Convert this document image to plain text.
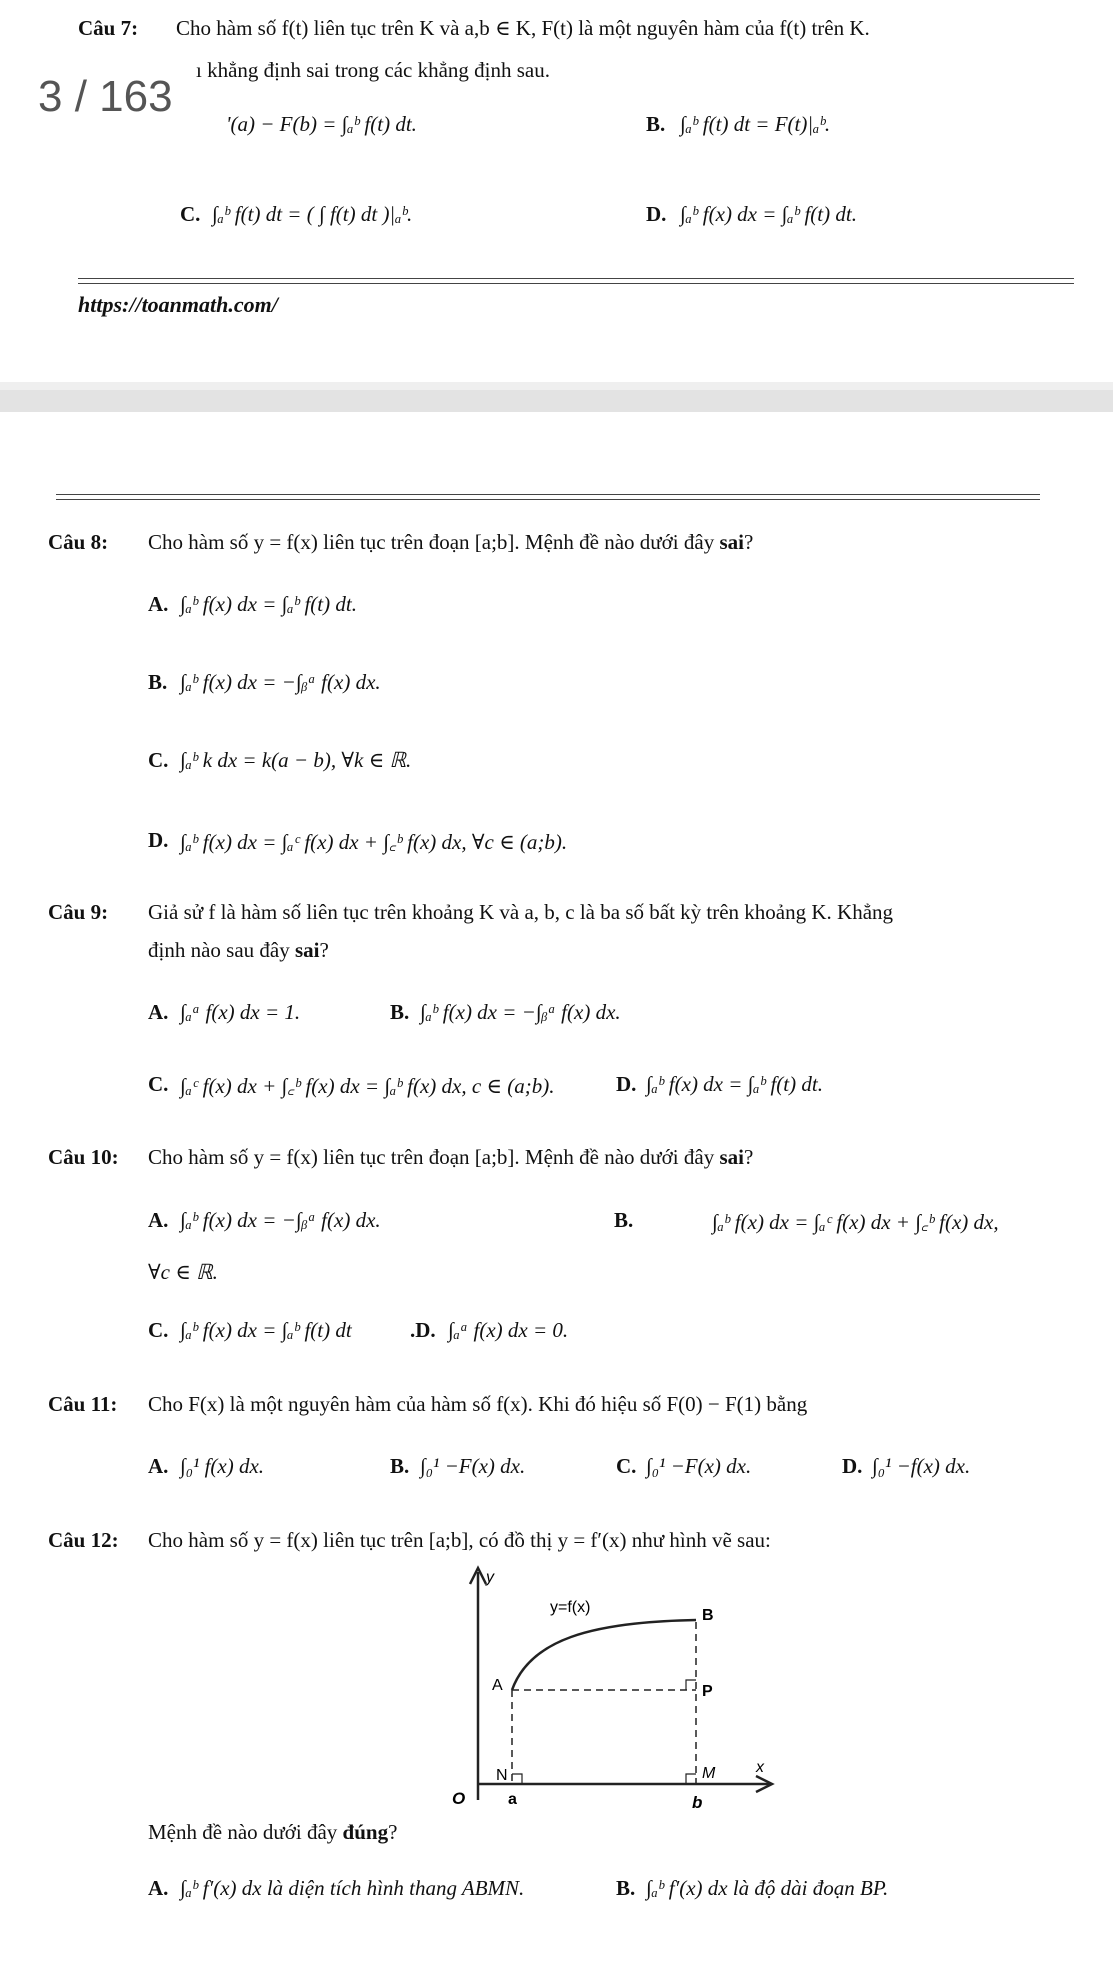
Câu 7: Cho hàm số f(t) liên tục trên K và a,b ∈ K, F(t) là một nguyên hàm của f(t) trên K.
ı khẳng định sai trong các khẳng định sau.
3 / 163
'(a) − F(b) = ∫ₐᵇ f(t) dt.	B. ∫ₐᵇ f(t) dt = F(t)|ₐᵇ.
C. ∫ₐᵇ f(t) dt = ( ∫ f(t) dt )|ₐᵇ.	D. ∫ₐᵇ f(x) dx = ∫ₐᵇ f(t) dt.
https://toanmath.com/
Câu 8: Cho hàm số y = f(x) liên tục trên đoạn [a;b]. Mệnh đề nào dưới đây sai?
A. ∫ₐᵇ f(x) dx = ∫ₐᵇ f(t) dt.
B. ∫ₐᵇ f(x) dx = −∫ᵦᵃ f(x) dx.
C. ∫ₐᵇ k dx = k(a − b), ∀k ∈ ℝ.
D. ∫ₐᵇ f(x) dx = ∫ₐᶜ f(x) dx + ∫꜀ᵇ f(x) dx, ∀c ∈ (a;b).
Câu 9: Giả sử f là hàm số liên tục trên khoảng K và a, b, c là ba số bất kỳ trên khoảng K. Khẳng
định nào sau đây sai?
A. ∫ₐᵃ f(x) dx = 1.	B. ∫ₐᵇ f(x) dx = −∫ᵦᵃ f(x) dx.
C. ∫ₐᶜ f(x) dx + ∫꜀ᵇ f(x) dx = ∫ₐᵇ f(x) dx, c ∈ (a;b).	D. ∫ₐᵇ f(x) dx = ∫ₐᵇ f(t) dt.
Câu 10: Cho hàm số y = f(x) liên tục trên đoạn [a;b]. Mệnh đề nào dưới đây sai?
A. ∫ₐᵇ f(x) dx = −∫ᵦᵃ f(x) dx.	B.	∫ₐᵇ f(x) dx = ∫ₐᶜ f(x) dx + ∫꜀ᵇ f(x) dx,
∀c ∈ ℝ.
C. ∫ₐᵇ f(x) dx = ∫ₐᵇ f(t) dt	.D. ∫ₐᵃ f(x) dx = 0.
Câu 11: Cho F(x) là một nguyên hàm của hàm số f(x). Khi đó hiệu số F(0) − F(1) bằng
A. ∫₀¹ f(x) dx.	B. ∫₀¹ −F(x) dx.	C. ∫₀¹ −F(x) dx.	D. ∫₀¹ −f(x) dx.
Câu 12: Cho hàm số y = f(x) liên tục trên [a;b], có đồ thị y = f′(x) như hình vẽ sau:
y
y=f(x)	B
A	P
N	M	x
O	a	b
Mệnh đề nào dưới đây đúng?
A. ∫ₐᵇ f′(x) dx là diện tích hình thang ABMN.	B. ∫ₐᵇ f′(x) dx là độ dài đoạn BP.
